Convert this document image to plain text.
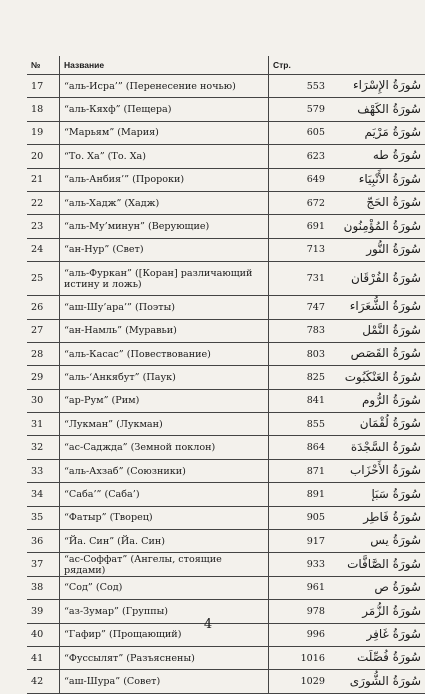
№	Название	Стр.	
17	“аль-Исра’” (Перенесение ночью)	553	سُورَةُ الإِسْرَاء
18	“аль-Кяхф” (Пещера)	579	سُورَةُ الكَهْف
19	“Марьям” (Мария)	605	سُورَةُ مَرْيَم
20	“То. Ха” (То. Ха)	623	سُورَةُ طه
21	“аль-Анбия’” (Пророки)	649	سُورَةُ الأَنْبِيَاء
22	“аль-Хадж” (Хадж)	672	سُورَةُ الحَجّ
23	“аль-Му’минун” (Верующие)	691	سُورَةُ المُؤْمِنُون
24	“ан-Нур” (Свет)	713	سُورَةُ النُّور
25	“аль-Фуркан” ([Коран] различающий истину и ложь)	731	سُورَةُ الفُرْقَان
26	“аш-Шу’ара’” (Поэты)	747	سُورَةُ الشُّعَرَاء
27	“ан-Намль” (Муравьи)	783	سُورَةُ النَّمْل
28	“аль-Касас” (Повествование)	803	سُورَةُ القَصَص
29	“аль-‘Анкябут” (Паук)	825	سُورَةُ العَنْكَبُوت
30	“ар-Рум” (Рим)	841	سُورَةُ الرُّوم
31	“Лукман” (Лукман)	855	سُورَةُ لُقْمَان
32	“ас-Саджда” (Земной поклон)	864	سُورَةُ السَّجْدَة
33	“аль-Ахзаб” (Союзники)	871	سُورَةُ الأَحْزَاب
34	“Саба’” (Саба’)	891	سُورَةُ سَبَإ
35	“Фатыр” (Творец)	905	سُورَةُ فَاطِر
36	“Йа. Син” (Йа. Син)	917	سُورَةُ يس
37	“ас-Соффат” (Ангелы, стоящие рядами)	933	سُورَةُ الصَّافَّات
38	“Сод” (Сод)	961	سُورَةُ ص
39	“аз-Зумар” (Группы)	978	سُورَةُ الزُّمَر
40	“Гафир” (Прощающий)	996	سُورَةُ غَافِر
41	“Фуссылят” (Разъяснены)	1016	سُورَةُ فُصِّلَت
42	“аш-Шура” (Совет)	1029	سُورَةُ الشُّورَى
4
